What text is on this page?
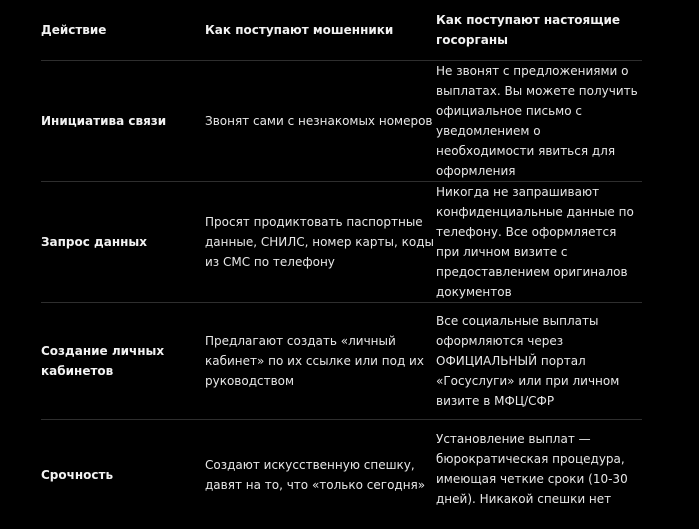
Действие	Как поступают мошенники	Как поступают настоящие госорганы
Инициатива связи	Звонят сами с незнакомых номеров	Не звонят с предложениями о выплатах. Вы можете получить официальное письмо с уведомлением о необходимости явиться для оформления
Запрос данных	Просят продиктовать паспортные данные, СНИЛС, номер карты, коды из СМС по телефону	Никогда не запрашивают конфиденциальные данные по телефону. Все оформляется при личном визите с предоставлением оригиналов документов
Создание личных кабинетов	Предлагают создать «личный кабинет» по их ссылке или под их руководством	Все социальные выплаты оформляются через ОФИЦИАЛЬНЫЙ портал «Госуслуги» или при личном визите в МФЦ/СФР
Срочность	Создают искусственную спешку, давят на то, что «только сегодня»	Установление выплат — бюрократическая процедура, имеющая четкие сроки (10-30 дней). Никакой спешки нет
